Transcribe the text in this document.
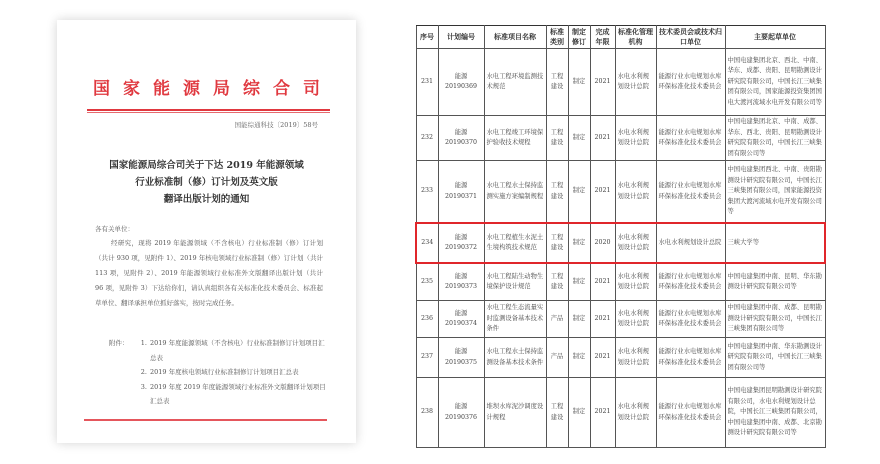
国家能源局综合司
国能综通科技〔2019〕58号
国家能源局综合司关于下达 2019 年能源领域
行业标准制（修）订计划及英文版
翻译出版计划的通知
各有关单位：
经研究，现将 2019 年能源领域（不含核电）行业标准制（修）订计划（共计 930 项，见附件 1）、2019 年核电领域行业标准制（修）订计划（共计 113 项，见附件 2）、2019 年能源领域行业标准外文版翻译出版计划（共计 96 项，见附件 3）下达给你们，请认真组织各有关标准化技术委员会、标准起草单位、翻译承担单位抓好落实，按时完成任务。
附件：	1. 2019 年度能源领域（不含核电）行业标准制修订计划项目汇总表
2. 2019 年度核电领域行业标准制修订计划项目汇总表
3. 2019 年度 2019 年度能源领域行业标准外文版翻译计划项目汇总表
序号	计划编号	标准项目名称	标准类别	制定修订	完成年限	标准化管理机构	技术委员会或技术归口单位	主要起草单位
231	能源 20190369	水电工程环境监测技术规范	工程建设	制定	2021	水电水利规划设计总院	能源行业水电规划水库环保标准化技术委员会	中国电建集团北京、西北、中南、华东、成都、贵阳、昆明勘测设计研究院有限公司，中国长江三峡集团有限公司，国家能源投资集团国电大渡河流域水电开发有限公司等
232	能源 20190370	水电工程竣工环境保护验收技术规程	工程建设	制定	2021	水电水利规划设计总院	能源行业水电规划水库环保标准化技术委员会	中国电建集团北京、中南、成都、华东、西北、贵阳、昆明勘测设计研究院有限公司，中国长江三峡集团有限公司等
233	能源 20190371	水电工程水土保持监测实施方案编制规程	工程建设	制定	2021	水电水利规划设计总院	能源行业水电规划水库环保标准化技术委员会	中国电建集团西北、中南、贵阳勘测设计研究院有限公司，中国长江三峡集团有限公司，国家能源投资集团大渡河流域水电开发有限公司等
234	能源 20190372	水电工程植生水泥土生境构筑技术规范	工程建设	制定	2020	水电水利规划设计总院	水电水利规划设计总院	三峡大学等
235	能源 20190373	水电工程陆生动物生境保护设计规范	工程建设	制定	2021	水电水利规划设计总院	能源行业水电规划水库环保标准化技术委员会	中国电建集团中南、昆明、华东勘测设计研究院有限公司等
236	能源 20190374	水电工程生态流量实时监测设备基本技术条件	产品	制定	2021	水电水利规划设计总院	能源行业水电规划水库环保标准化技术委员会	中国电建集团中南、成都、昆明勘测设计研究院有限公司，中国长江三峡集团有限公司等
237	能源 20190375	水电工程水土保持监测设备基本技术条件	产品	制定	2021	水电水利规划设计总院	能源行业水电规划水库环保标准化技术委员会	中国电建集团中南、华东勘测设计研究院有限公司，中国长江三峡集团有限公司等
238	能源 20190376	堆坝水库泥沙调度设计规程	工程建设	制定	2021	水电水利规划设计总院	能源行业水电规划水库环保标准化技术委员会	中国电建集团昆明勘测设计研究院有限公司，水电水利规划设计总院，中国长江三峡集团有限公司，中国电建集团中南、成都、北京勘测设计研究院有限公司等
